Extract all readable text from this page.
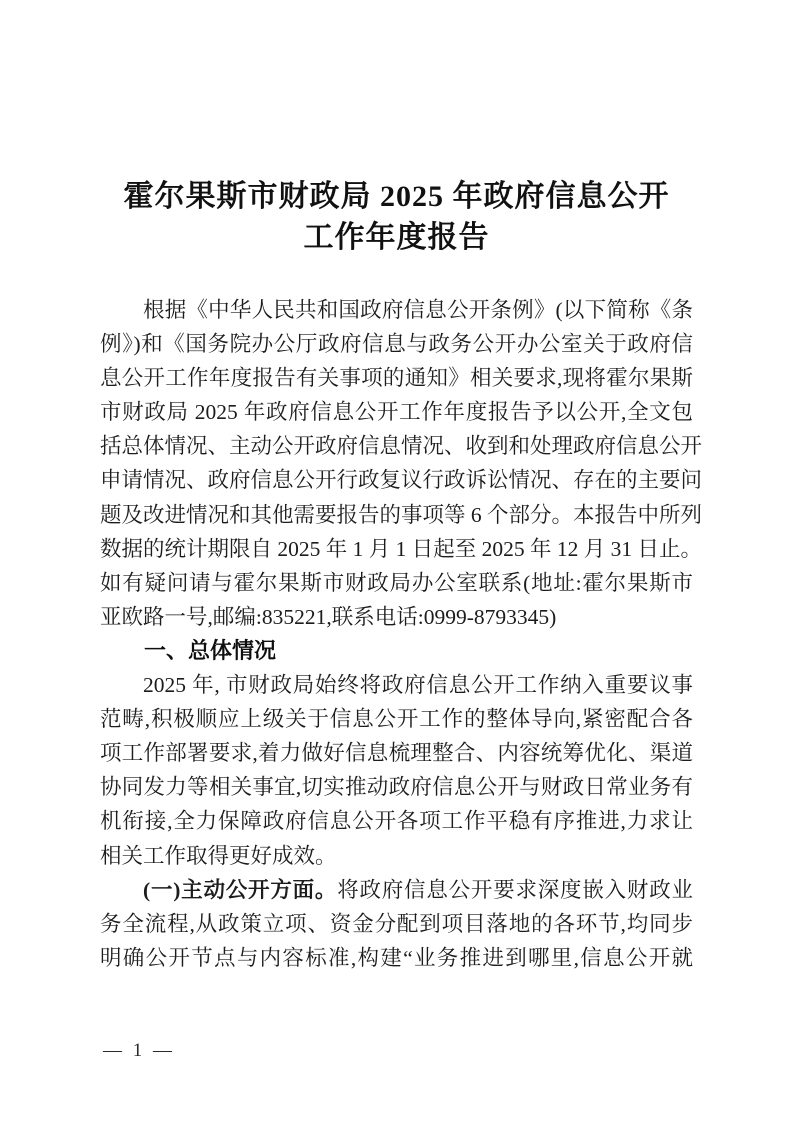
霍尔果斯市财政局 2025 年政府信息公开
工作年度报告
根据《中华人民共和国政府信息公开条例》(以下简称《条
例》)和《国务院办公厅政府信息与政务公开办公室关于政府信
息公开工作年度报告有关事项的通知》相关要求,现将霍尔果斯
市财政局 2025 年政府信息公开工作年度报告予以公开,全文包
括总体情况、主动公开政府信息情况、收到和处理政府信息公开
申请情况、政府信息公开行政复议行政诉讼情况、存在的主要问
题及改进情况和其他需要报告的事项等 6 个部分。本报告中所列
数据的统计期限自 2025 年 1 月 1 日起至 2025 年 12 月 31 日止。
如有疑问请与霍尔果斯市财政局办公室联系(地址:霍尔果斯市
亚欧路一号,邮编:835221,联系电话:0999-8793345)
一、总体情况
2025 年, 市财政局始终将政府信息公开工作纳入重要议事
范畴,积极顺应上级关于信息公开工作的整体导向,紧密配合各
项工作部署要求,着力做好信息梳理整合、内容统筹优化、渠道
协同发力等相关事宜,切实推动政府信息公开与财政日常业务有
机衔接,全力保障政府信息公开各项工作平稳有序推进,力求让
相关工作取得更好成效。
(一)主动公开方面。将政府信息公开要求深度嵌入财政业
务全流程,从政策立项、资金分配到项目落地的各环节,均同步
明确公开节点与内容标准,构建“业务推进到哪里,信息公开就
— 1 —
